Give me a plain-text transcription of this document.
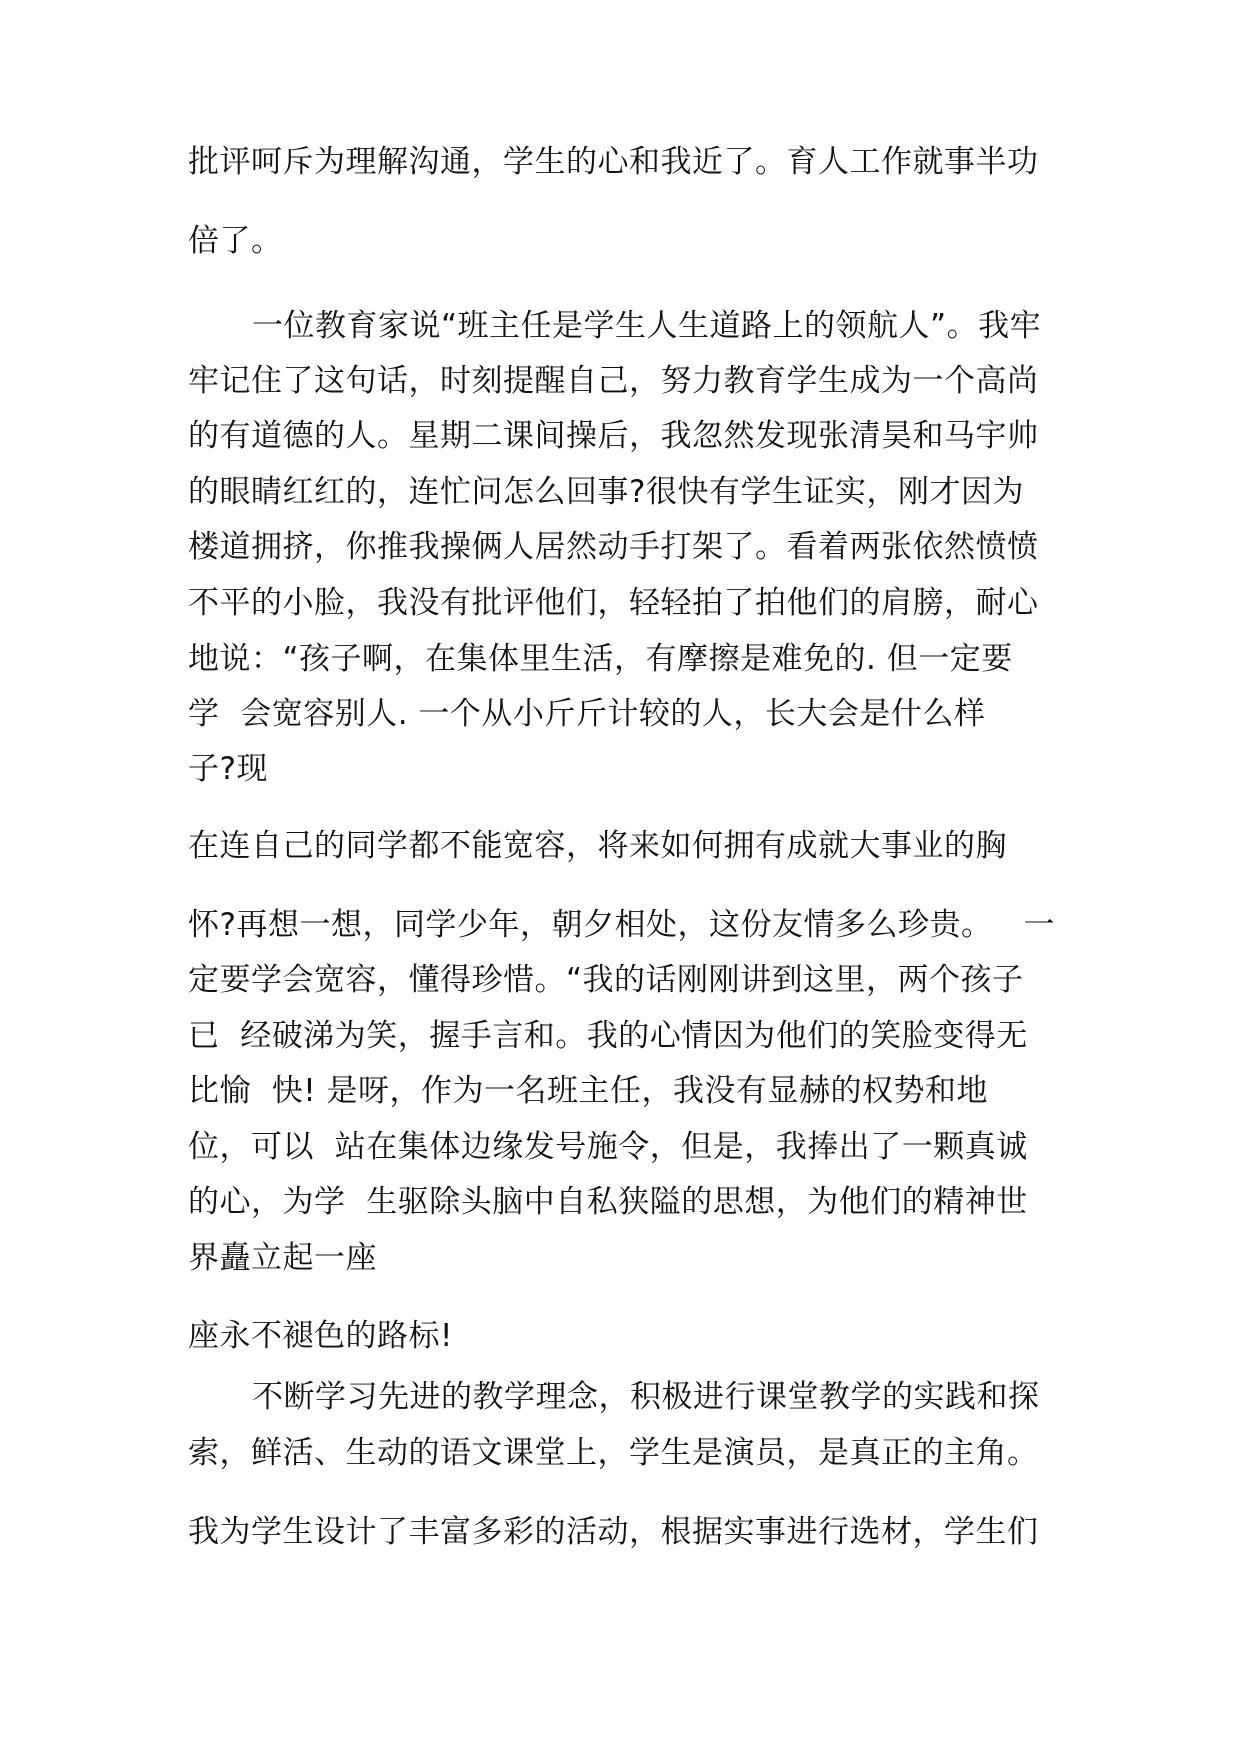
批评呵斥为理解沟通，学生的心和我近了。育人工作就事半功
倍了。
一位教育家说“班主任是学生人生道路上的领航人”。我牢
牢记住了这句话，时刻提醒自己，努力教育学生成为一个高尚
的有道德的人。星期二课间操后，我忽然发现张清昊和马宇帅
的眼睛红红的，连忙问怎么回事?很快有学生证实，刚才因为
楼道拥挤，你推我操俩人居然动手打架了。看着两张依然愤愤
不平的小脸，我没有批评他们，轻轻拍了拍他们的肩膀，耐心
地说：“孩子啊，在集体里生活，有摩擦是难免的. 但一定要
学  会宽容别人. 一个从小斤斤计较的人，长大会是什么样
子?现
在连自己的同学都不能宽容，将来如何拥有成就大事业的胸
怀?再想一想，同学少年，朝夕相处，这份友情多么珍贵。   一
定要学会宽容，懂得珍惜。“我的话刚刚讲到这里，两个孩子
已  经破涕为笑，握手言和。我的心情因为他们的笑脸变得无
比愉  快! 是呀，作为一名班主任，我没有显赫的权势和地
位，可以  站在集体边缘发号施令，但是，我捧出了一颗真诚
的心，为学  生驱除头脑中自私狭隘的思想，为他们的精神世
界矗立起一座
座永不褪色的路标!
不断学习先进的教学理念，积极进行课堂教学的实践和探
索，鲜活、生动的语文课堂上，学生是演员，是真正的主角。
我为学生设计了丰富多彩的活动，根据实事进行选材，学生们
